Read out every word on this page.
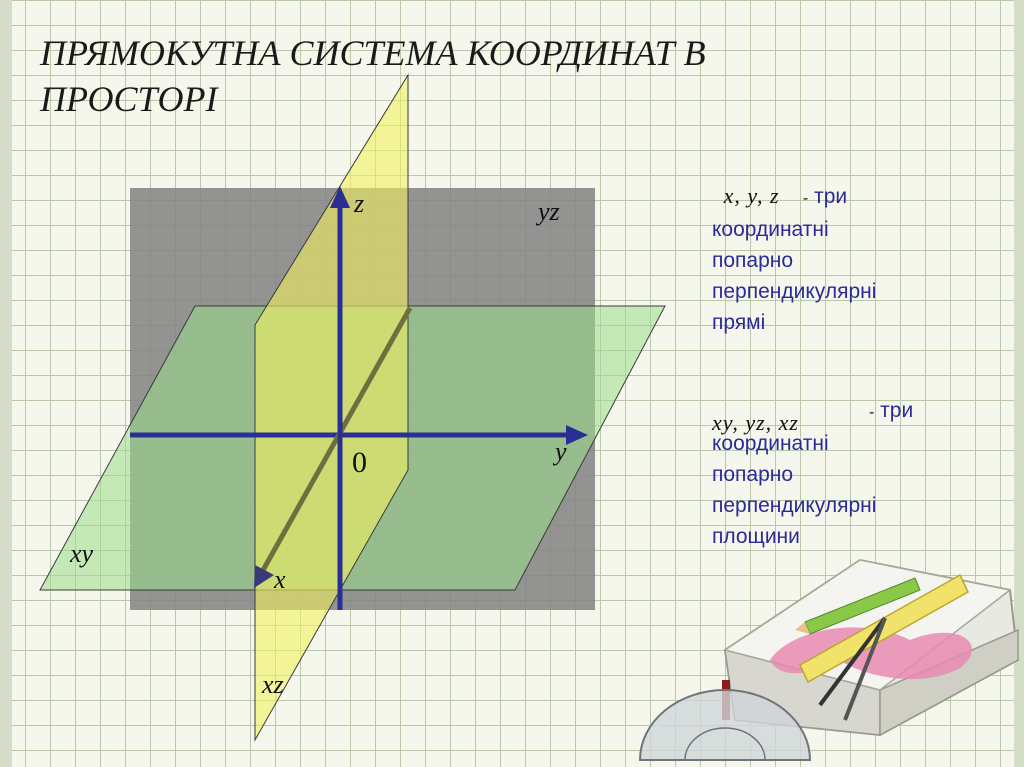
ПРЯМОКУТНА СИСТЕМА КООРДИНАТ В
ПРОСТОРІ
z	yz
y
0
xy
x
xz
x, y, z - три
координатні
попарно
перпендикулярні
прямі
xy, yz, xz	- три
координатні
попарно
перпендикулярні
площини
